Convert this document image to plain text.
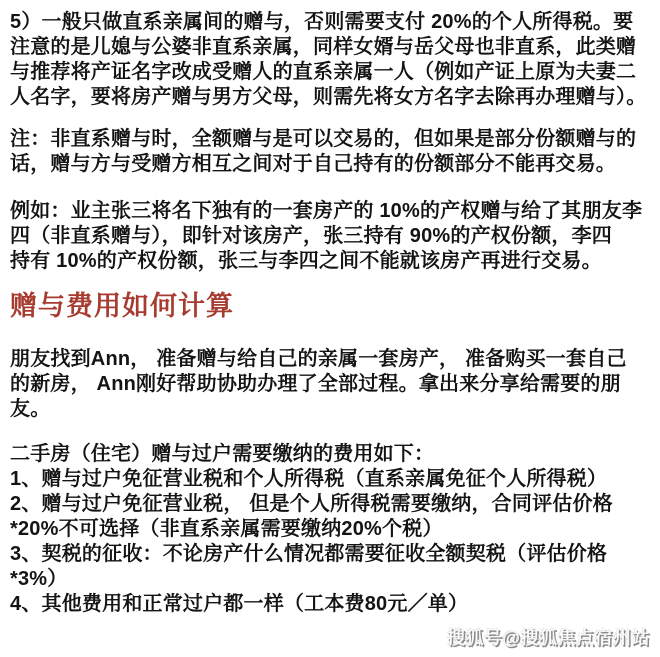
5）一般只做直系亲属间的赠与，否则需要支付 20%的个人所得税。要
注意的是儿媳与公婆非直系亲属，同样女婿与岳父母也非直系，此类赠
与推荐将产证名字改成受赠人的直系亲属一人（例如产证上原为夫妻二
人名字，要将房产赠与男方父母，则需先将女方名字去除再办理赠与）。

注：非直系赠与时，全额赠与是可以交易的，但如果是部分份额赠与的
话，赠与方与受赠方相互之间对于自己持有的份额部分不能再交易。

例如：业主张三将名下独有的一套房产的 10%的产权赠与给了其朋友李
四（非直系赠与），即针对该房产，张三持有 90%的产权份额，李四
持有 10%的产权份额，张三与李四之间不能就该房产再进行交易。

赠与费用如何计算

朋友找到Ann， 准备赠与给自己的亲属一套房产， 准备购买一套自己
的新房， Ann刚好帮助协助办理了全部过程。拿出来分享给需要的朋友。

二手房（住宅）赠与过户需要缴纳的费用如下：
1、赠与过户免征营业税和个人所得税（直系亲属免征个人所得税）
2、赠与过户免征营业税， 但是个人所得税需要缴纳，合同评估价格
*20%不可选择（非直系亲属需要缴纳20%个税）
3、契税的征收：不论房产什么情况都需要征收全额契税（评估价格
*3%）
4、其他费用和正常过户都一样（工本费80元／单）

搜狐号@搜狐焦点宿州站
